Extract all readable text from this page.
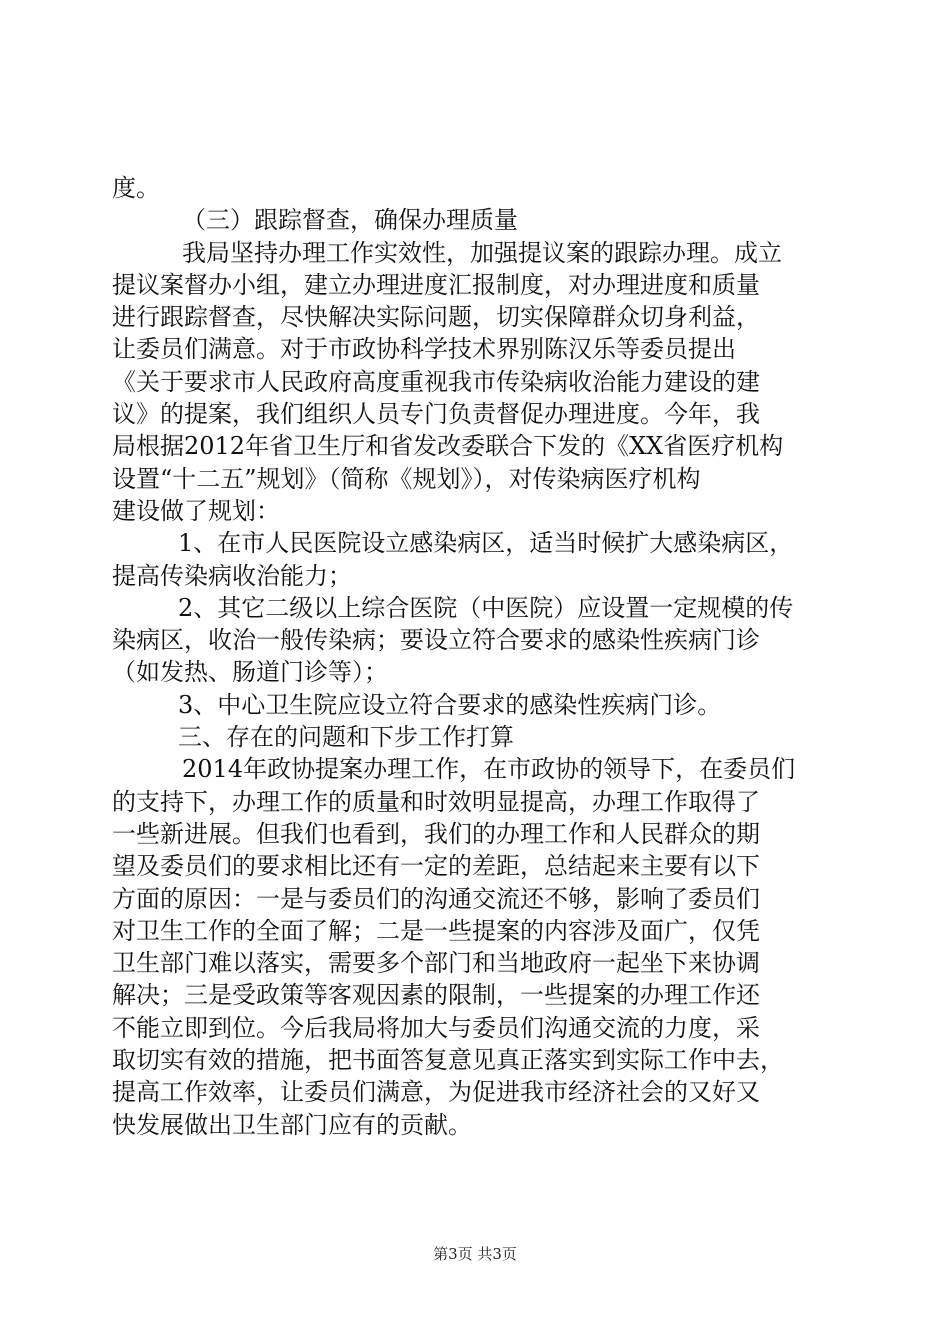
度。
（三）跟踪督查，确保办理质量
我局坚持办理工作实效性，加强提议案的跟踪办理。成立
提议案督办小组，建立办理进度汇报制度，对办理进度和质量
进行跟踪督查，尽快解决实际问题，切实保障群众切身利益，
让委员们满意。对于市政协科学技术界别陈汉乐等委员提出
《关于要求市人民政府高度重视我市传染病收治能力建设的建
议》的提案，我们组织人员专门负责督促办理进度。今年，我
局根据2012年省卫生厅和省发改委联合下发的《XX省医疗机构
设置“十二五”规划》（简称《规划》），对传染病医疗机构
建设做了规划：
1、在市人民医院设立感染病区，适当时候扩大感染病区，
提高传染病收治能力；
2、其它二级以上综合医院（中医院）应设置一定规模的传
染病区，收治一般传染病；要设立符合要求的感染性疾病门诊
（如发热、肠道门诊等）；
3、中心卫生院应设立符合要求的感染性疾病门诊。
三、存在的问题和下步工作打算
2014年政协提案办理工作，在市政协的领导下，在委员们
的支持下，办理工作的质量和时效明显提高，办理工作取得了
一些新进展。但我们也看到，我们的办理工作和人民群众的期
望及委员们的要求相比还有一定的差距，总结起来主要有以下
方面的原因：一是与委员们的沟通交流还不够，影响了委员们
对卫生工作的全面了解；二是一些提案的内容涉及面广，仅凭
卫生部门难以落实，需要多个部门和当地政府一起坐下来协调
解决；三是受政策等客观因素的限制，一些提案的办理工作还
不能立即到位。今后我局将加大与委员们沟通交流的力度，采
取切实有效的措施，把书面答复意见真正落实到实际工作中去，
提高工作效率，让委员们满意，为促进我市经济社会的又好又
快发展做出卫生部门应有的贡献。
第3页 共3页
